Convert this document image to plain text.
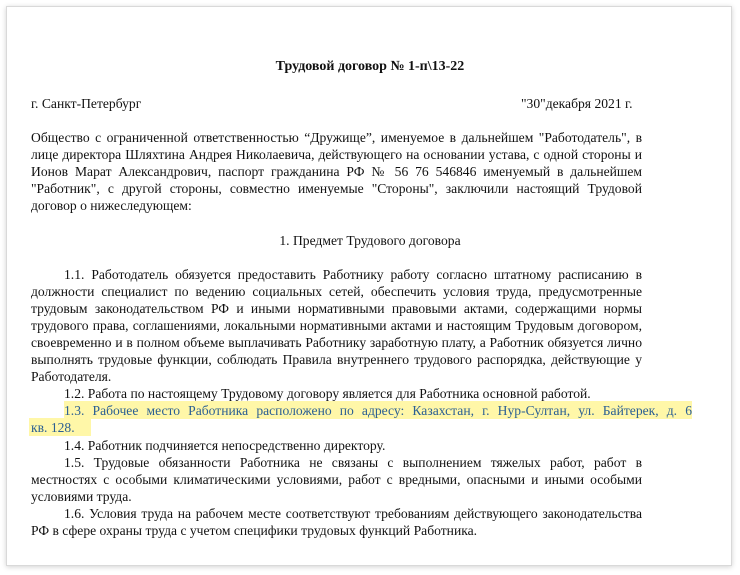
Трудовой договор № 1-п\13-22
г. Санкт-Петербург	"30"декабря 2021 г.
Общество с ограниченной ответственностью “Дружище”, именуемое в дальнейшем "Работодатель", в
лице директора Шляхтина Андрея Николаевича, действующего на основании устава, с одной стороны и
Ионов Марат Александрович, паспорт гражданина РФ № 56 76 546846 именуемый в дальнейшем
"Работник", с другой стороны, совместно именуемые "Стороны", заключили настоящий Трудовой
договор о нижеследующем:
1. Предмет Трудового договора
1.1. Работодатель обязуется предоставить Работнику работу согласно штатному расписанию в
должности специалист по ведению социальных сетей, обеспечить условия труда, предусмотренные
трудовым законодательством РФ и иными нормативными правовыми актами, содержащими нормы
трудового права, соглашениями, локальными нормативными актами и настоящим Трудовым договором,
своевременно и в полном объеме выплачивать Работнику заработную плату, а Работник обязуется лично
выполнять трудовые функции, соблюдать Правила внутреннего трудового распорядка, действующие у
Работодателя.
1.2. Работа по настоящему Трудовому договору является для Работника основной работой.
1.3. Рабочее место Работника расположено по адресу: Казахстан, г. Нур-Султан, ул. Байтерек, д. 6
кв. 128.
1.4. Работник подчиняется непосредственно директору.
1.5. Трудовые обязанности Работника не связаны с выполнением тяжелых работ, работ в
местностях с особыми климатическими условиями, работ с вредными, опасными и иными особыми
условиями труда.
1.6. Условия труда на рабочем месте соответствуют требованиям действующего законодательства
РФ в сфере охраны труда с учетом специфики трудовых функций Работника.
